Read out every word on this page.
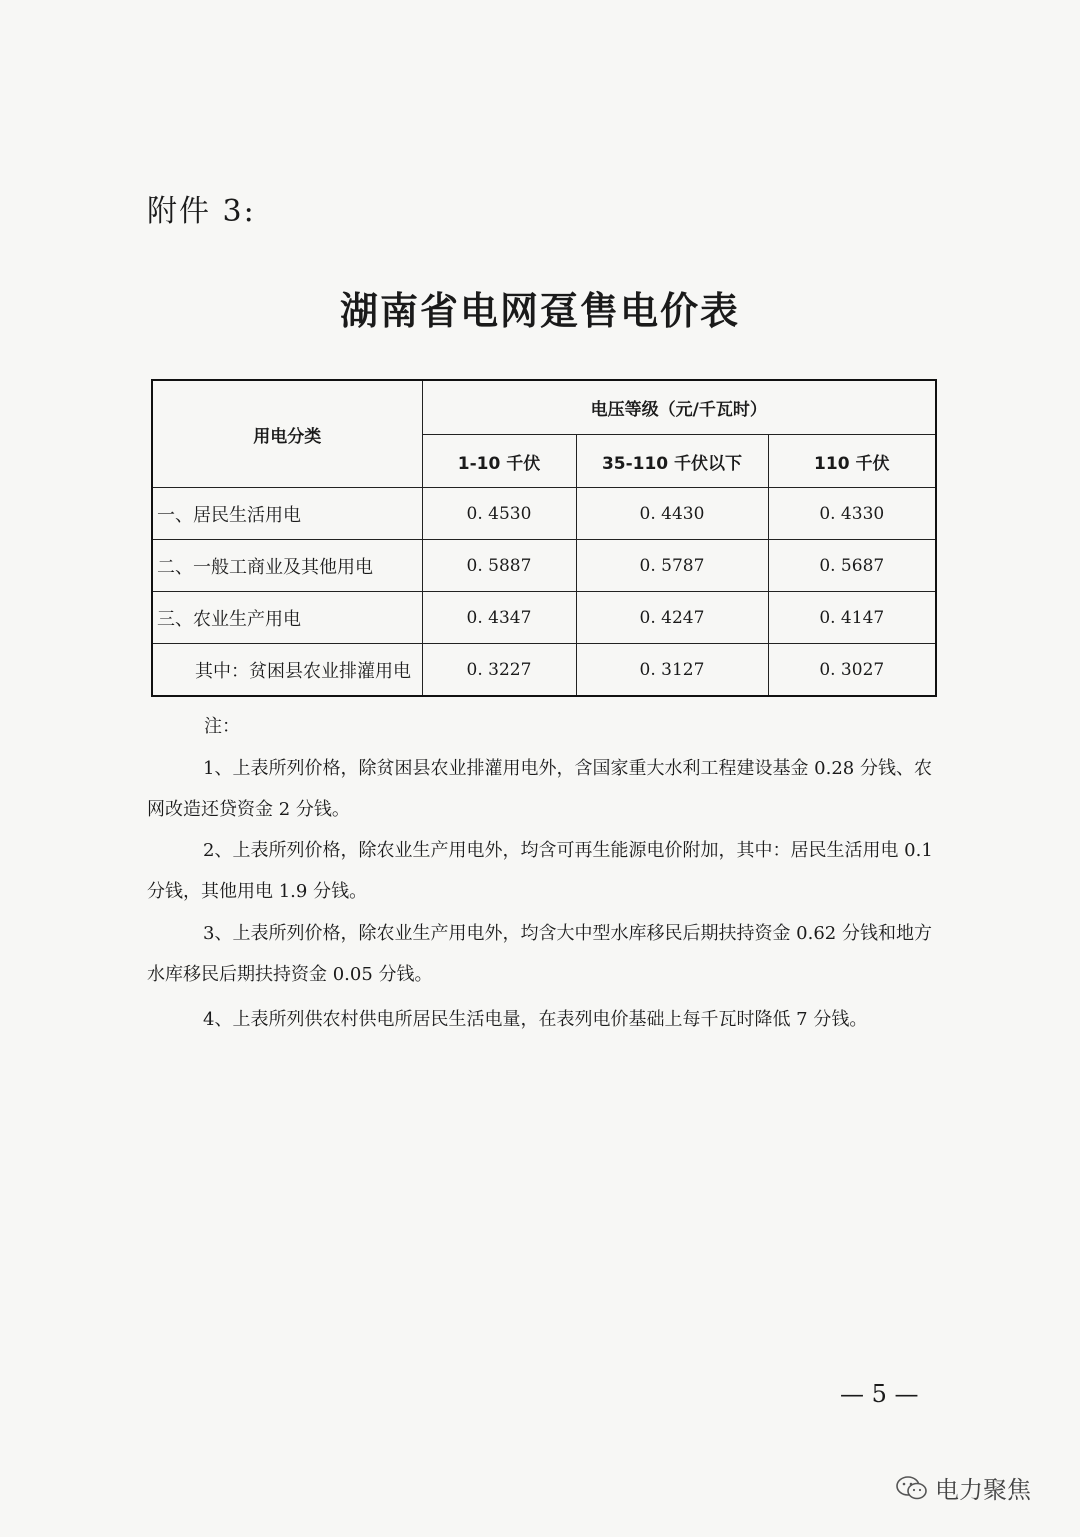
附件 3:
湖南省电网趸售电价表
用电分类	电压等级（元/千瓦时）		
	1-10 千伏	35-110 千伏以下	110 千伏
一、居民生活用电	0. 4530	0. 4430	0. 4330
二、一般工商业及其他用电	0. 5887	0. 5787	0. 5687
三、农业生产用电	0. 4347	0. 4247	0. 4147
其中：贫困县农业排灌用电	0. 3227	0. 3127	0. 3027
注：
1、上表所列价格，除贫困县农业排灌用电外，含国家重大水利工程建设基金 0.28 分钱、农网改造还贷资金 2 分钱。
2、上表所列价格，除农业生产用电外，均含可再生能源电价附加，其中：居民生活用电 0.1 分钱，其他用电 1.9 分钱。
3、上表所列价格，除农业生产用电外，均含大中型水库移民后期扶持资金 0.62 分钱和地方水库移民后期扶持资金 0.05 分钱。
4、上表所列供农村供电所居民生活电量，在表列电价基础上每千瓦时降低 7 分钱。
— 5 —
电力聚焦
